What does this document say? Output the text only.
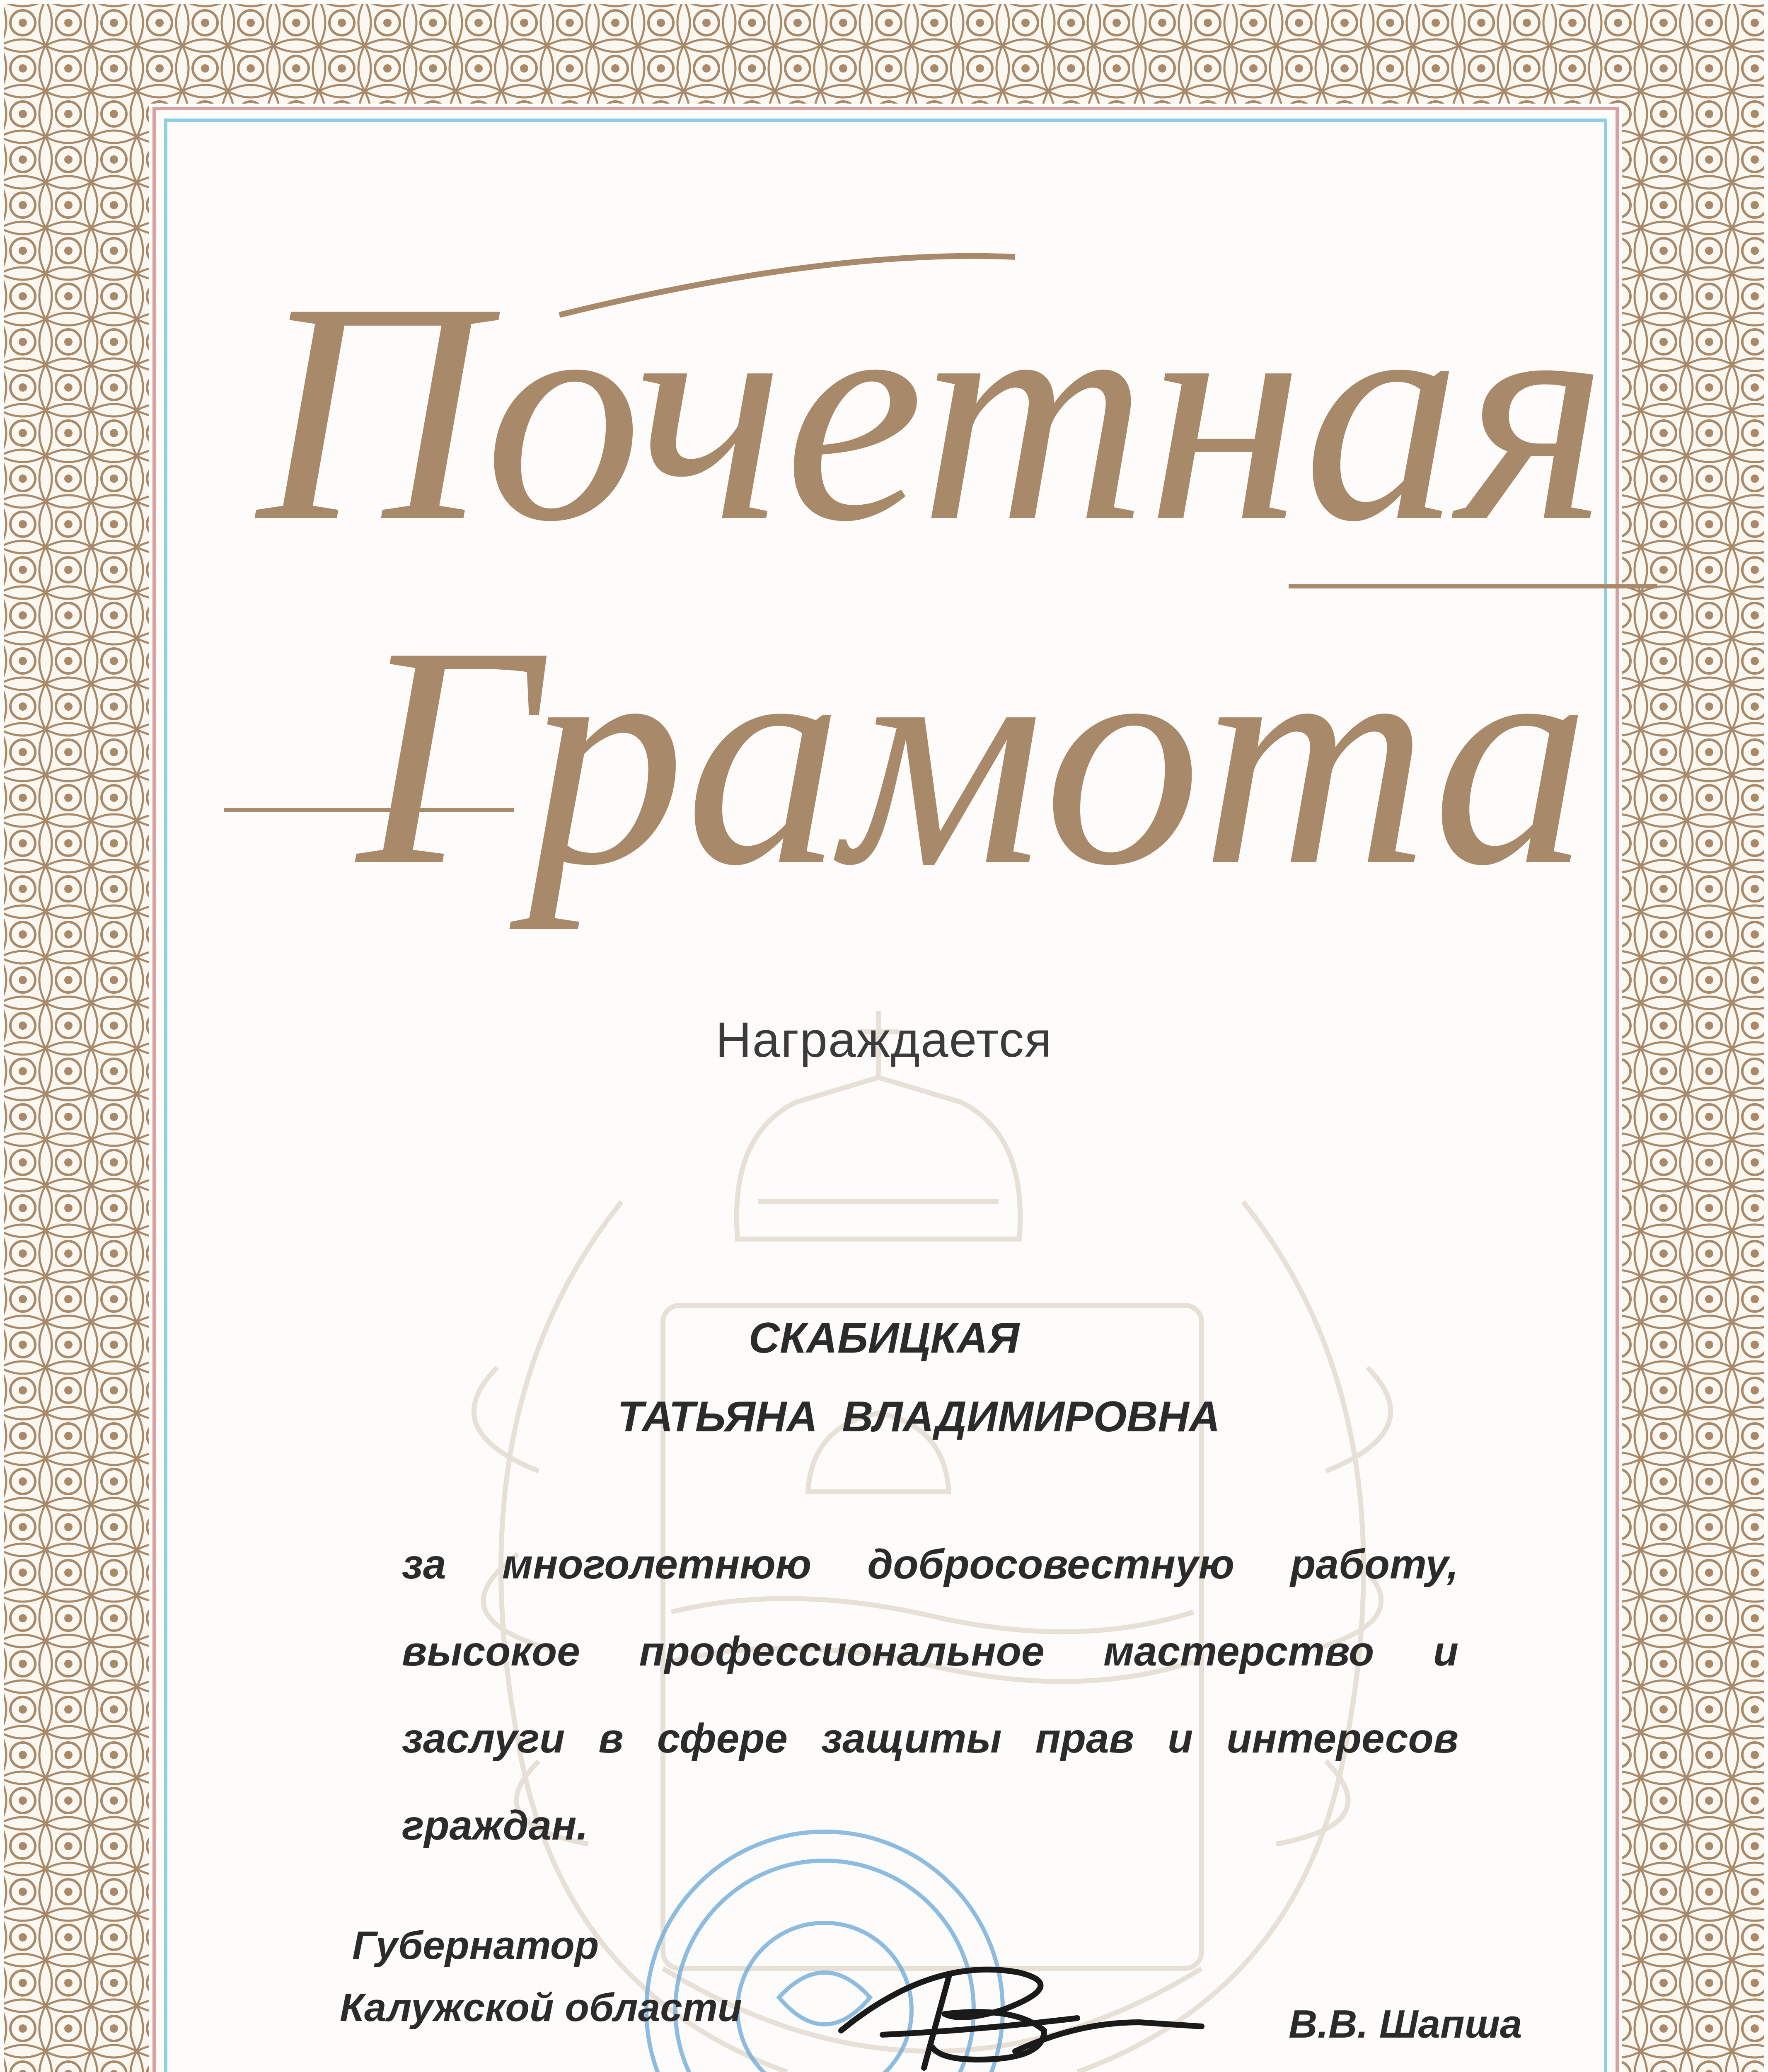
Почетная
Грамота
Награждается
СКАБИЦКАЯ
ТАТЬЯНА ВЛАДИМИРОВНА
за многолетнюю добросовестную работу, высокое профессиональное мастерство и заслуги в сфере защиты прав и интересов граждан.
Губернатор
Калужской области	В.В. Шапша
